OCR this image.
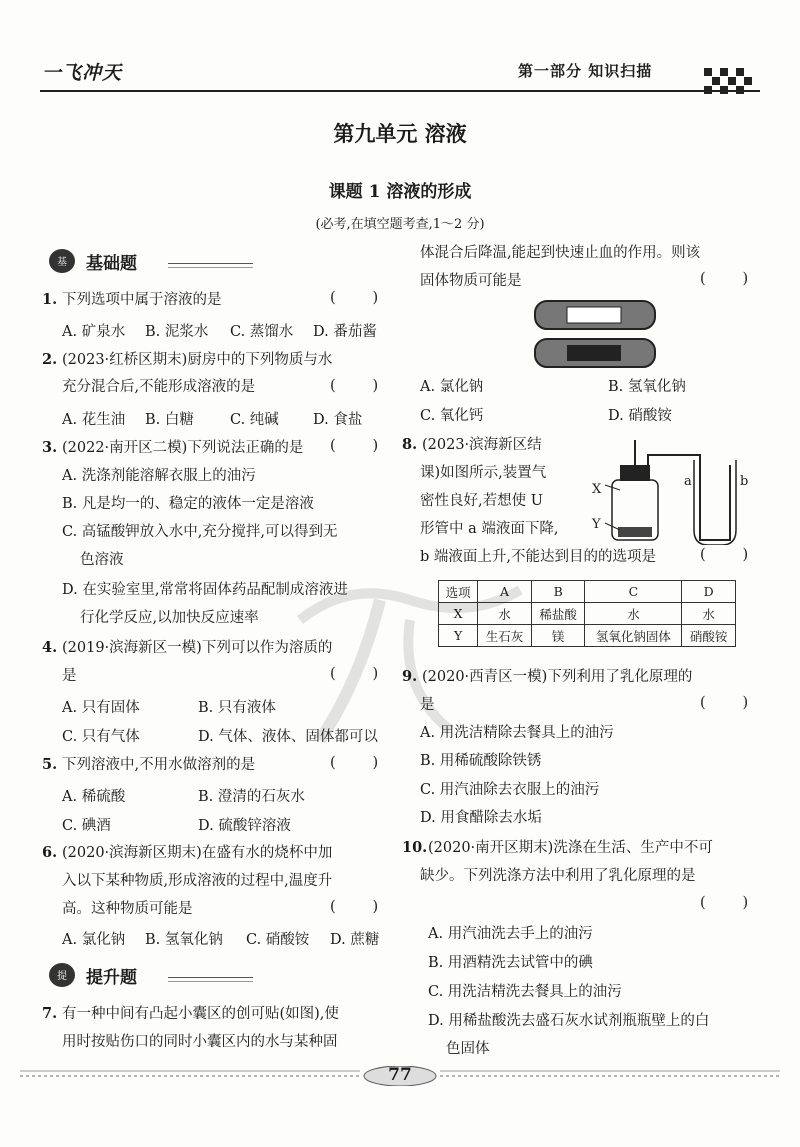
一飞冲天	第一部分 知识扫描
第九单元 溶液
课题 1 溶液的形成
(必考,在填空题考查,1～2 分)
基 基础题
1. 下列选项中属于溶液的是	(        )
A. 矿泉水 B. 泥浆水 C. 蒸馏水 D. 番茄酱
2. (2023·红桥区期末)厨房中的下列物质与水
充分混合后,不能形成溶液的是	(        )
A. 花生油 B. 白糖 C. 纯碱 D. 食盐
3. (2022·南开区二模)下列说法正确的是 (        )
A. 洗涤剂能溶解衣服上的油污
B. 凡是均一的、稳定的液体一定是溶液
C. 高锰酸钾放入水中,充分搅拌,可以得到无
色溶液
D. 在实验室里,常常将固体药品配制成溶液进
行化学反应,以加快反应速率
4. (2019·滨海新区一模)下列可以作为溶质的
是	(        )
A. 只有固体	B. 只有液体
C. 只有气体	D. 气体、液体、固体都可以
5. 下列溶液中,不用水做溶剂的是	(        )
A. 稀硫酸	B. 澄清的石灰水
C. 碘酒	D. 硫酸锌溶液
6. (2020·滨海新区期末)在盛有水的烧杯中加
入以下某种物质,形成溶液的过程中,温度升
高。这种物质可能是	(        )
A. 氯化钠 B. 氢氧化钠 C. 硝酸铵 D. 蔗糖
提 提升题
7. 有一种中间有凸起小囊区的创可贴(如图),使
用时按贴伤口的同时小囊区内的水与某种固
体混合后降温,能起到快速止血的作用。则该
固体物质可能是	(        )
A. 氯化钠	B. 氢氧化钠
C. 氧化钙	D. 硝酸铵
8. (2023·滨海新区结
课)如图所示,装置气
密性良好,若想使 U
形管中 a 端液面下降,
b 端液面上升,不能达到目的的选项是	(        )
X
Y
a	b
选项	A	B	C	D
X	水	稀盐酸	水	水
Y	生石灰	镁	氢氧化钠固体	硝酸铵
9. (2020·西青区一模)下列利用了乳化原理的
是	(        )
A. 用洗洁精除去餐具上的油污
B. 用稀硫酸除铁锈
C. 用汽油除去衣服上的油污
D. 用食醋除去水垢
10. (2020·南开区期末)洗涤在生活、生产中不可
缺少。下列洗涤方法中利用了乳化原理的是
(        )
A. 用汽油洗去手上的油污
B. 用酒精洗去试管中的碘
C. 用洗洁精洗去餐具上的油污
D. 用稀盐酸洗去盛石灰水试剂瓶瓶壁上的白
色固体
77
